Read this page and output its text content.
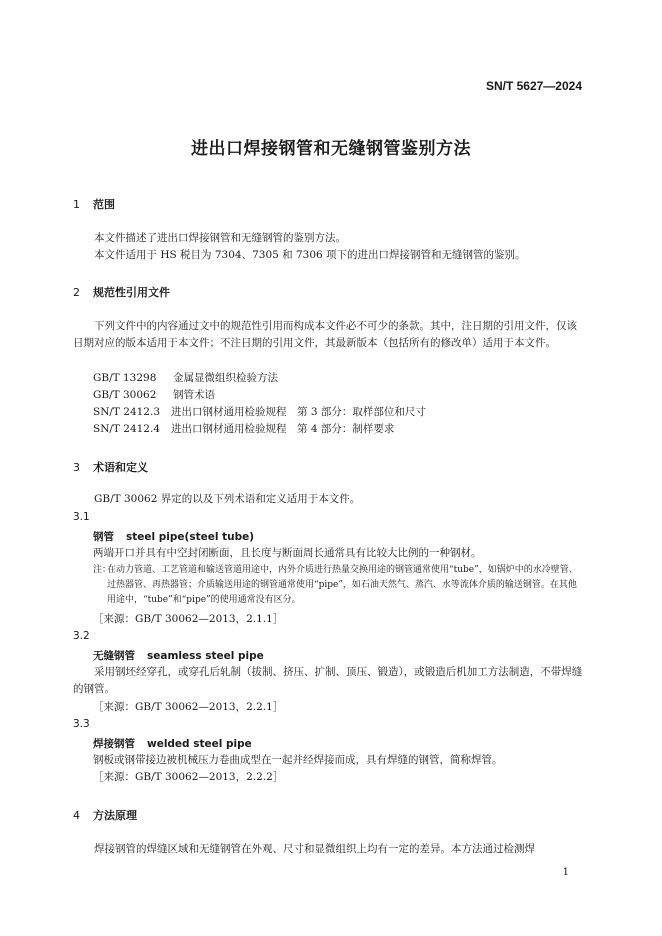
SN/T 5627—2024
进出口焊接钢管和无缝钢管鉴别方法
1 范围
本文件描述了进出口焊接钢管和无缝钢管的鉴别方法。
本文件适用于 HS 税目为 7304、7305 和 7306 项下的进出口焊接钢管和无缝钢管的鉴别。
2 规范性引用文件
下列文件中的内容通过文中的规范性引用而构成本文件必不可少的条款。其中，注日期的引用文件，仅该日期对应的版本适用于本文件；不注日期的引用文件，其最新版本（包括所有的修改单）适用于本文件。
GB/T 13298 金属显微组织检验方法
GB/T 30062 钢管术语
SN/T 2412.3 进出口钢材通用检验规程　第 3 部分：取样部位和尺寸
SN/T 2412.4 进出口钢材通用检验规程　第 4 部分：制样要求
3 术语和定义
GB/T 30062 界定的以及下列术语和定义适用于本文件。
3.1
钢管 steel pipe(steel tube)
两端开口并具有中空封闭断面，且长度与断面周长通常具有比较大比例的一种钢材。
注：
在动力管道、工艺管道和输送管道用途中，内外介质进行热量交换用途的钢管通常使用“tube”，如锅炉中的水冷壁管、过热器管、再热器管；介质输送用途的钢管通常使用“pipe”，如石油天然气、蒸汽、水等流体介质的输送钢管。在其他用途中，“tube”和“pipe”的使用通常没有区分。
［来源：GB/T 30062—2013，2.1.1］
3.2
无缝钢管 seamless steel pipe
采用钢坯经穿孔，或穿孔后轧制（拔制、挤压、扩制、顶压、锻造），或锻造后机加工方法制造，不带焊缝的钢管。
［来源：GB/T 30062—2013，2.2.1］
3.3
焊接钢管 welded steel pipe
钢板或钢带接边被机械压力卷曲成型在一起并经焊接而成，具有焊缝的钢管，简称焊管。
［来源：GB/T 30062—2013，2.2.2］
4 方法原理
焊接钢管的焊缝区域和无缝钢管在外观、尺寸和显微组织上均有一定的差异。本方法通过检测焊
1
